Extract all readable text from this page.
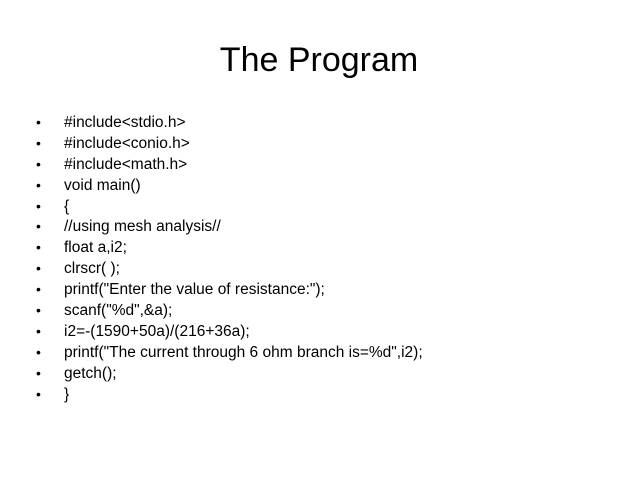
The Program
•	#include<stdio.h>
•	#include<conio.h>
•	#include<math.h>
•	void main()
•	{
•	//using mesh analysis//
•	float a,i2;
•	clrscr( );
•	printf("Enter the value of resistance:");
•	scanf("%d",&a);
•	i2=-(1590+50a)/(216+36a);
•	printf("The current through 6 ohm branch is=%d",i2);
•	getch();
•	}
